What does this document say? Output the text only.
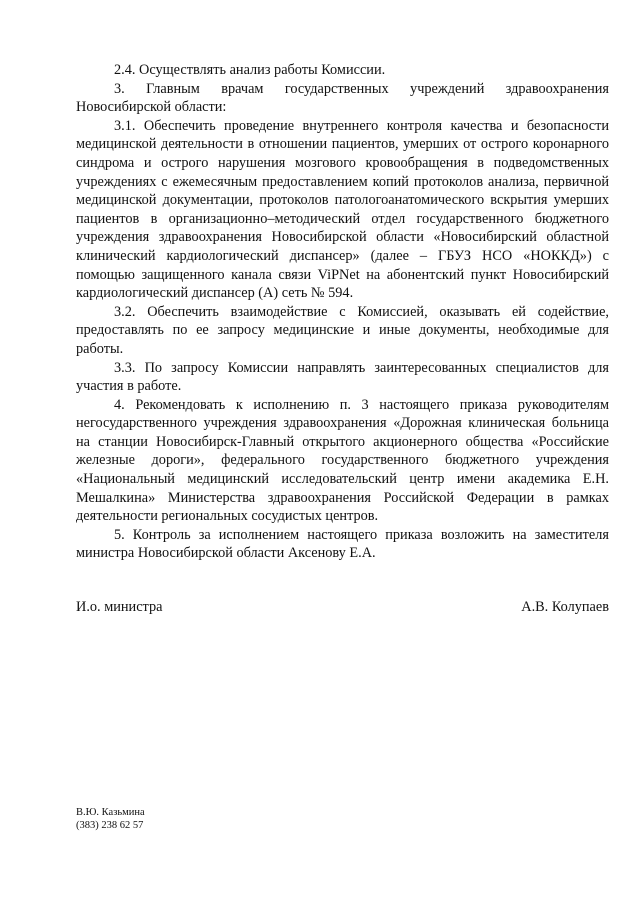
2.4. Осуществлять анализ работы Комиссии.

3. Главным врачам государственных учреждений здравоохранения Новосибирской области:

3.1. Обеспечить проведение внутреннего контроля качества и безопасности медицинской деятельности в отношении пациентов, умерших от острого коронарного синдрома и острого нарушения мозгового кровообращения в подведомственных учреждениях с ежемесячным предоставлением копий протоколов анализа, первичной медицинской документации, протоколов патологоанатомического вскрытия умерших пациентов в организационно–методический отдел государственного бюджетного учреждения здравоохранения Новосибирской области «Новосибирский областной клинический кардиологический диспансер» (далее – ГБУЗ НСО «НОККД») с помощью защищенного канала связи ViPNet на абонентский пункт Новосибирский кардиологический диспансер (А) сеть № 594.

3.2. Обеспечить взаимодействие с Комиссией, оказывать ей содействие, предоставлять по ее запросу медицинские и иные документы, необходимые для работы.

3.3. По запросу Комиссии направлять заинтересованных специалистов для участия в работе.

4. Рекомендовать к исполнению п. 3 настоящего приказа руководителям негосударственного учреждения здравоохранения «Дорожная клиническая больница на станции Новосибирск-Главный открытого акционерного общества «Российские железные дороги», федерального государственного бюджетного учреждения «Национальный медицинский исследовательский центр имени академика Е.Н. Мешалкина» Министерства здравоохранения Российской Федерации в рамках деятельности региональных сосудистых центров.

5. Контроль за исполнением настоящего приказа возложить на заместителя министра Новосибирской области Аксенову Е.А.

И.о. министра	А.В. Колупаев
В.Ю. Казьмина
(383) 238 62 57
